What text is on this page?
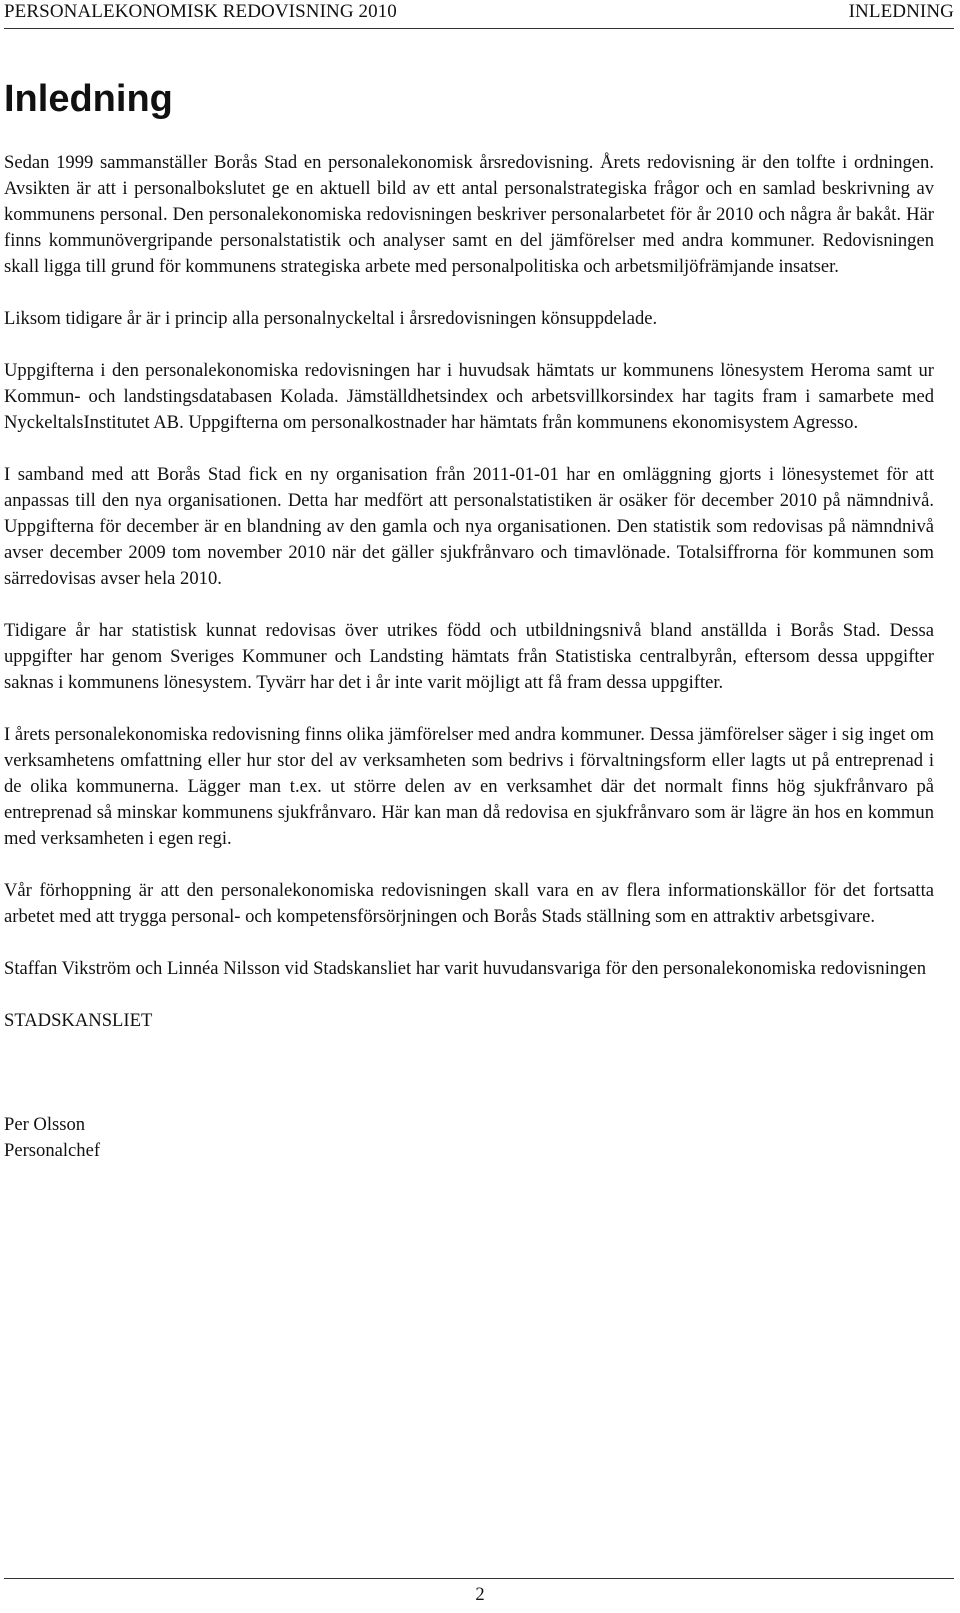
PERSONALEKONOMISK REDOVISNING 2010	INLEDNING
Inledning

Sedan 1999 sammanställer Borås Stad en personalekonomisk årsredovisning. Årets redovisning är den tolfte i ordningen. Avsikten är att i personalbokslutet ge en aktuell bild av ett antal personalstrategiska frågor och en samlad beskrivning av kommunens personal. Den personalekonomiska redovisningen beskriver personalarbetet för år 2010 och några år bakåt. Här finns kommunövergripande personalstatistik och analyser samt en del jämförelser med andra kommuner. Redovisningen skall ligga till grund för kommunens strategiska arbete med personalpolitiska och arbetsmiljöfrämjande insatser.

Liksom tidigare år är i princip alla personalnyckeltal i årsredovisningen könsuppdelade.

Uppgifterna i den personalekonomiska redovisningen har i huvudsak hämtats ur kommunens lönesystem Heroma samt ur Kommun- och landstingsdatabasen Kolada. Jämställdhetsindex och arbetsvillkorsindex har tagits fram i samarbete med NyckeltalsInstitutet AB. Uppgifterna om personalkostnader har hämtats från kommunens ekonomisystem Agresso.

I samband med att Borås Stad fick en ny organisation från 2011-01-01 har en omläggning gjorts i lönesystemet för att anpassas till den nya organisationen. Detta har medfört att personalstatistiken är osäker för december 2010 på nämndnivå. Uppgifterna för december är en blandning av den gamla och nya organisationen. Den statistik som redovisas på nämndnivå avser december 2009 tom november 2010 när det gäller sjukfrånvaro och timavlönade. Totalsiffrorna för kommunen som särredovisas avser hela 2010.

Tidigare år har statistisk kunnat redovisas över utrikes född och utbildningsnivå bland anställda i Borås Stad. Dessa uppgifter har genom Sveriges Kommuner och Landsting hämtats från Statistiska centralbyrån, eftersom dessa uppgifter saknas i kommunens lönesystem. Tyvärr har det i år inte varit möjligt att få fram dessa uppgifter.

I årets personalekonomiska redovisning finns olika jämförelser med andra kommuner. Dessa jämförelser säger i sig inget om verksamhetens omfattning eller hur stor del av verksamheten som bedrivs i förvaltningsform eller lagts ut på entreprenad i de olika kommunerna. Lägger man t.ex. ut större delen av en verksamhet där det normalt finns hög sjukfrånvaro på entreprenad så minskar kommunens sjukfrånvaro. Här kan man då redovisa en sjukfrånvaro som är lägre än hos en kommun med verksamheten i egen regi.

Vår förhoppning är att den personalekonomiska redovisningen skall vara en av flera informationskällor för det fortsatta arbetet med att trygga personal- och kompetensförsörjningen och Borås Stads ställning som en attraktiv arbetsgivare.

Staffan Vikström och Linnéa Nilsson vid Stadskansliet har varit huvudansvariga för den personalekonomiska redovisningen

STADSKANSLIET

Per Olsson
Personalchef

2
